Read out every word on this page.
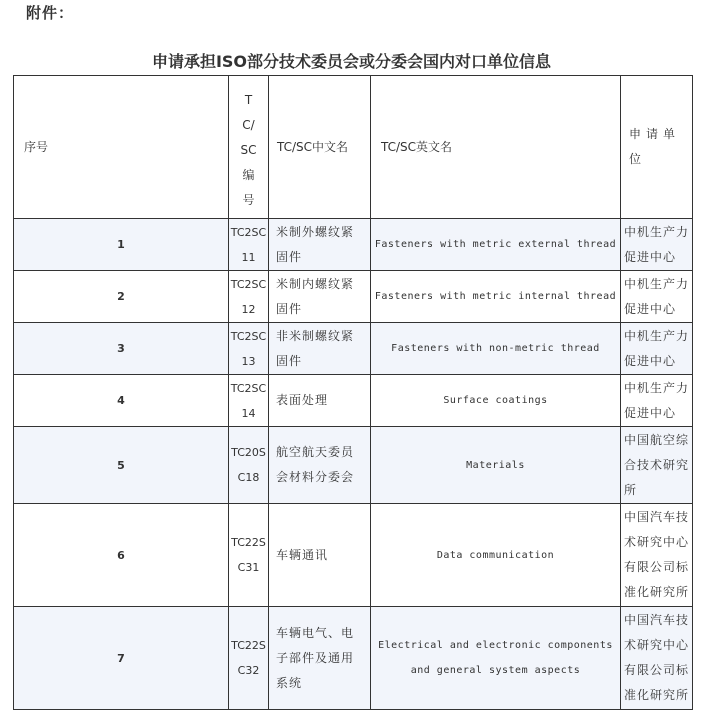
附件：
申请承担ISO部分技术委员会或分委会国内对口单位信息
序号	T
C/
SC
编
号	TC/SC中文名	TC/SC英文名	申请单位
1	TC2SC11	米制外螺纹紧固件	Fasteners with metric external thread	中机生产力促进中心
2	TC2SC12	米制内螺纹紧固件	Fasteners with metric internal thread	中机生产力促进中心
3	TC2SC13	非米制螺纹紧固件	Fasteners with non-metric thread	中机生产力促进中心
4	TC2SC14	表面处理	Surface coatings	中机生产力促进中心
5	TC20SC18	航空航天委员会材料分委会	Materials	中国航空综合技术研究所
6	TC22SC31	车辆通讯	Data communication	中国汽车技术研究中心有限公司标准化研究所
7	TC22SC32	车辆电气、电子部件及通用系统	Electrical and electronic components and general system aspects	中国汽车技术研究中心有限公司标准化研究所
